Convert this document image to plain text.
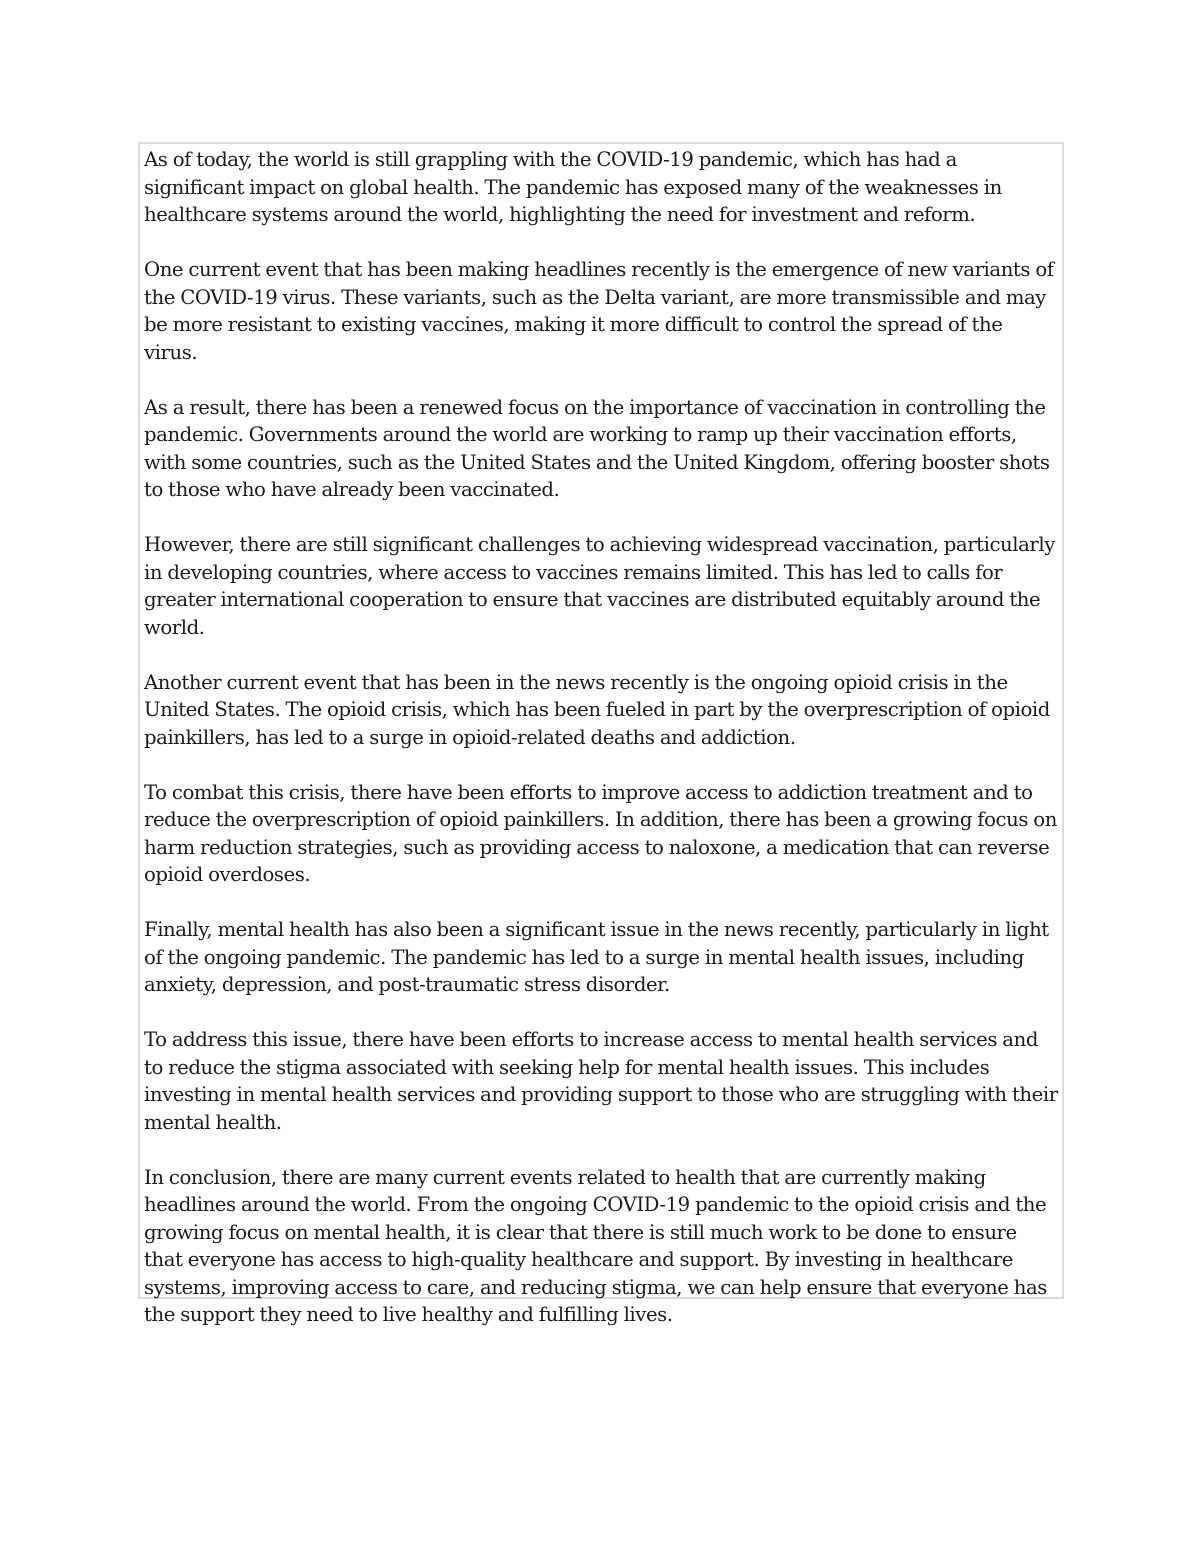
As of today, the world is still grappling with the COVID-19 pandemic, which has had a significant impact on global health. The pandemic has exposed many of the weaknesses in healthcare systems around the world, highlighting the need for investment and reform.

One current event that has been making headlines recently is the emergence of new variants of the COVID-19 virus. These variants, such as the Delta variant, are more transmissible and may be more resistant to existing vaccines, making it more difficult to control the spread of the virus.

As a result, there has been a renewed focus on the importance of vaccination in controlling the pandemic. Governments around the world are working to ramp up their vaccination efforts, with some countries, such as the United States and the United Kingdom, offering booster shots to those who have already been vaccinated.

However, there are still significant challenges to achieving widespread vaccination, particularly in developing countries, where access to vaccines remains limited. This has led to calls for greater international cooperation to ensure that vaccines are distributed equitably around the world.

Another current event that has been in the news recently is the ongoing opioid crisis in the United States. The opioid crisis, which has been fueled in part by the overprescription of opioid painkillers, has led to a surge in opioid-related deaths and addiction.

To combat this crisis, there have been efforts to improve access to addiction treatment and to reduce the overprescription of opioid painkillers. In addition, there has been a growing focus on harm reduction strategies, such as providing access to naloxone, a medication that can reverse opioid overdoses.

Finally, mental health has also been a significant issue in the news recently, particularly in light of the ongoing pandemic. The pandemic has led to a surge in mental health issues, including anxiety, depression, and post-traumatic stress disorder.

To address this issue, there have been efforts to increase access to mental health services and to reduce the stigma associated with seeking help for mental health issues. This includes investing in mental health services and providing support to those who are struggling with their mental health.

In conclusion, there are many current events related to health that are currently making headlines around the world. From the ongoing COVID-19 pandemic to the opioid crisis and the growing focus on mental health, it is clear that there is still much work to be done to ensure that everyone has access to high-quality healthcare and support. By investing in healthcare systems, improving access to care, and reducing stigma, we can help ensure that everyone has the support they need to live healthy and fulfilling lives.
